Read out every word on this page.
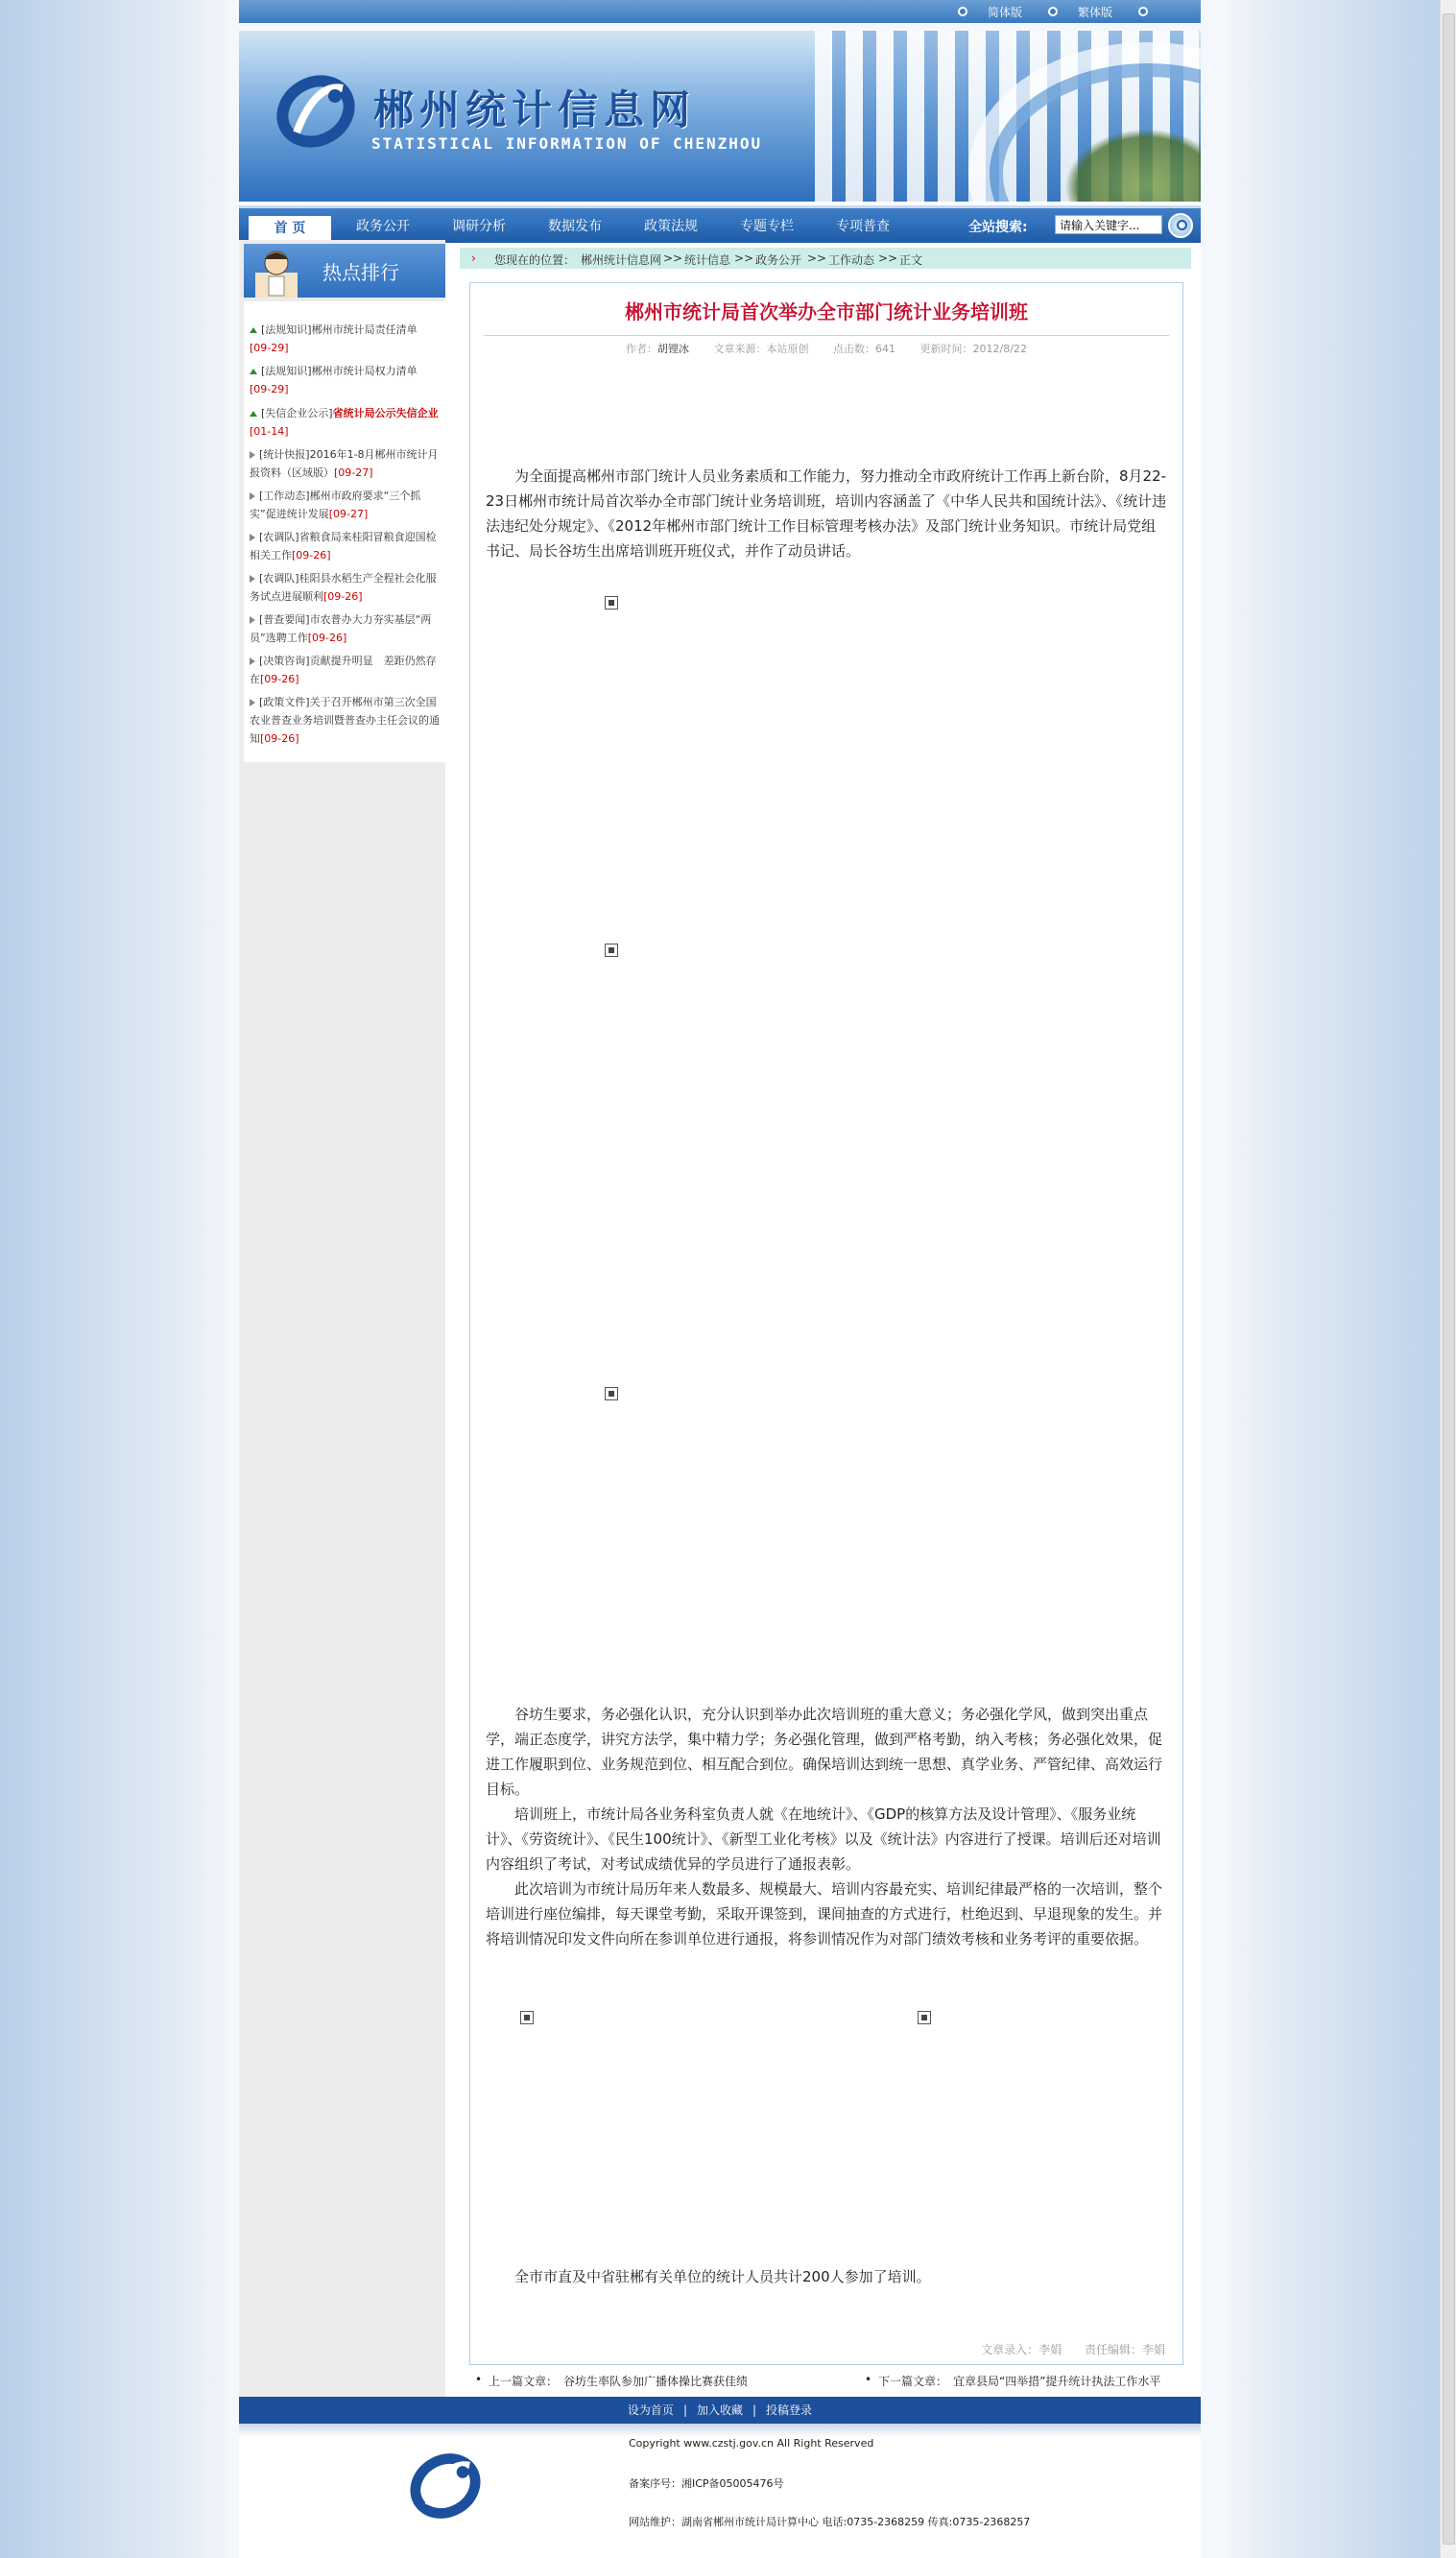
简体版	繁体版
郴州统计信息网
STATISTICAL INFORMATION OF CHENZHOU
首 页	政务公开	调研分析	数据发布	政策法规	专题专栏	专项普查	全站搜索:
请输入关键字...
热点排行
[法规知识]郴州市统计局责任清单
[09-29]
[法规知识]郴州市统计局权力清单
[09-29]
[失信企业公示]省统计局公示失信企业[01-14]
[统计快报]2016年1-8月郴州市统计月报资料（区域版）[09-27]
[工作动态]郴州市政府要求“三个抓实”促进统计发展[09-27]
[农调队]省粮食局来桂阳冒粮食迎国检相关工作[09-26]
[农调队]桂阳县水稻生产全程社会化服务试点进展顺利[09-26]
[普查要闻]市农普办大力夯实基层“两员”选聘工作[09-26]
[决策咨询]贡献提升明显　差距仍然存在[09-26]
[政策文件]关于召开郴州市第三次全国农业普查业务培训暨普查办主任会议的通知[09-26]
› 您现在的位置： 郴州统计信息网 >> 统计信息 >> 政务公开 >> 工作动态 >> 正文
郴州市统计局首次举办全市部门统计业务培训班
作者：胡锂冰 文章来源：本站原创 点击数：641 更新时间：2012/8/22
为全面提高郴州市部门统计人员业务素质和工作能力，努力推动全市政府统计工作再上新台阶，8月22-23日郴州市统计局首次举办全市部门统计业务培训班，培训内容涵盖了《中华人民共和国统计法》、《统计违法违纪处分规定》、《2012年郴州市部门统计工作目标管理考核办法》及部门统计业务知识。市统计局党组书记、局长谷坊生出席培训班开班仪式，并作了动员讲话。
谷坊生要求，务必强化认识，充分认识到举办此次培训班的重大意义；务必强化学风，做到突出重点学，端正态度学，讲究方法学，集中精力学；务必强化管理，做到严格考勤，纳入考核；务必强化效果，促进工作履职到位、业务规范到位、相互配合到位。确保培训达到统一思想、真学业务、严管纪律、高效运行目标。
培训班上，市统计局各业务科室负责人就《在地统计》、《GDP的核算方法及设计管理》、《服务业统计》、《劳资统计》、《民生100统计》、《新型工业化考核》以及《统计法》内容进行了授课。培训后还对培训内容组织了考试，对考试成绩优异的学员进行了通报表彰。
此次培训为市统计局历年来人数最多、规模最大、培训内容最充实、培训纪律最严格的一次培训，整个培训进行座位编排，每天课堂考勤，采取开课签到，课间抽查的方式进行，杜绝迟到、早退现象的发生。并将培训情况印发文件向所在参训单位进行通报，将参训情况作为对部门绩效考核和业务考评的重要依据。
全市市直及中省驻郴有关单位的统计人员共计200人参加了培训。
文章录入：李娟 责任编辑：李娟
• 上一篇文章： 谷坊生率队参加广播体操比赛获佳绩	• 下一篇文章： 宜章县局“四举措”提升统计执法工作水平
设为首页 | 加入收藏 | 投稿登录
Copyright www.czstj.gov.cn All Right Reserved
备案序号：湘ICP备05005476号
网站维护：湖南省郴州市统计局计算中心 电话:0735-2368259 传真:0735-2368257
